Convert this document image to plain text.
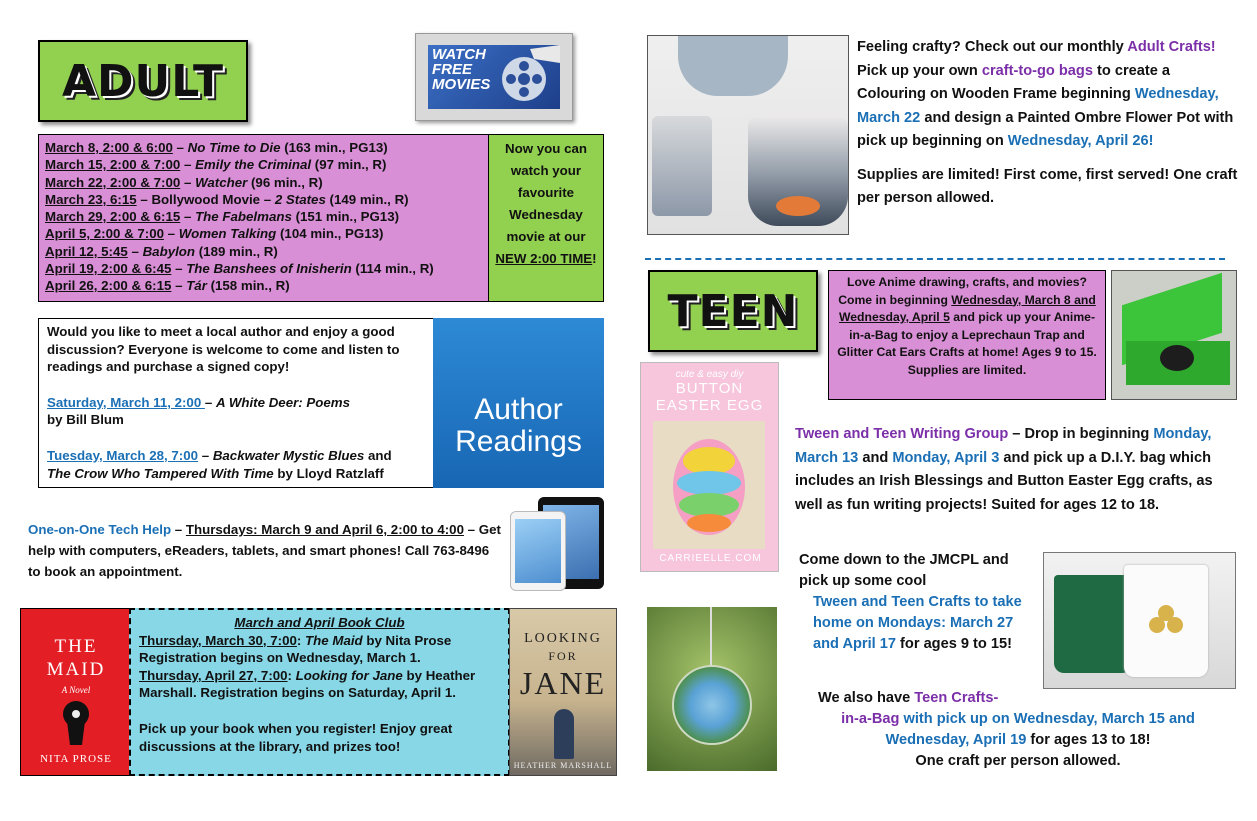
ADULT
WATCH
FREE
MOVIES
March 8, 2:00 & 6:00 – No Time to Die (163 min., PG13)
March 15, 2:00 & 7:00 – Emily the Criminal (97 min., R)
March 22, 2:00 & 7:00 – Watcher (96 min., R)
March 23, 6:15 – Bollywood Movie – 2 States (149 min., R)
March 29, 2:00 & 6:15 – The Fabelmans (151 min., PG13)
April 5, 2:00 & 7:00 – Women Talking (104 min., PG13)
April 12, 5:45 – Babylon (189 min., R)
April 19, 2:00 & 6:45 – The Banshees of Inisherin (114 min., R)
April 26, 2:00 & 6:15 – Tár (158 min., R)
Now you can watch your favourite Wednesday movie at our NEW 2:00 TIME!

Would you like to meet a local author and enjoy a good discussion? Everyone is welcome to come and listen to readings and purchase a signed copy!

Saturday, March 11, 2:00 – A White Deer: Poems
by Bill Blum

Tuesday, March 28, 7:00 – Backwater Mystic Blues and
The Crow Who Tampered With Time by Lloyd Ratzlaff

Author
Readings
One-on-One Tech Help – Thursdays: March 9 and April 6, 2:00 to 4:00 – Get help with computers, eReaders, tablets, and smart phones! Call 763-8496 to book an appointment.
THE MAID
A Novel
NITA PROSE
March and April Book Club
Thursday, March 30, 7:00: The Maid by Nita Prose Registration begins on Wednesday, March 1.
Thursday, April 27, 7:00: Looking for Jane by Heather Marshall. Registration begins on Saturday, April 1.
Pick up your book when you register! Enjoy great discussions at the library, and prizes too!
LOOKING
FOR
JANE
HEATHER MARSHALL

Feeling crafty? Check out our monthly Adult Crafts! Pick up your own craft-to-go bags to create a Colouring on Wooden Frame beginning Wednesday, March 22 and design a Painted Ombre Flower Pot with pick up beginning on Wednesday, April 26!

Supplies are limited! First come, first served! One craft per person allowed.

TEEN
Love Anime drawing, crafts, and movies? Come in beginning Wednesday, March 8 and Wednesday, April 5 and pick up your Anime-in-a-Bag to enjoy a Leprechaun Trap and Glitter Cat Ears Crafts at home! Ages 9 to 15. Supplies are limited.
cute & easy diy
BUTTON
EASTER EGG
CARRIEELLE.COM
Tween and Teen Writing Group – Drop in beginning Monday, March 13 and Monday, April 3 and pick up a D.I.Y. bag which includes an Irish Blessings and Button Easter Egg crafts, as well as fun writing projects! Suited for ages 12 to 18.
Come down to the JMCPL and pick up some cool
Tween and Teen Crafts to take home on Mondays: March 27 and April 17 for ages 9 to 15!
We also have Teen Crafts-
in-a-Bag with pick up on Wednesday, March 15 and Wednesday, April 19 for ages 13 to 18!
One craft per person allowed.
